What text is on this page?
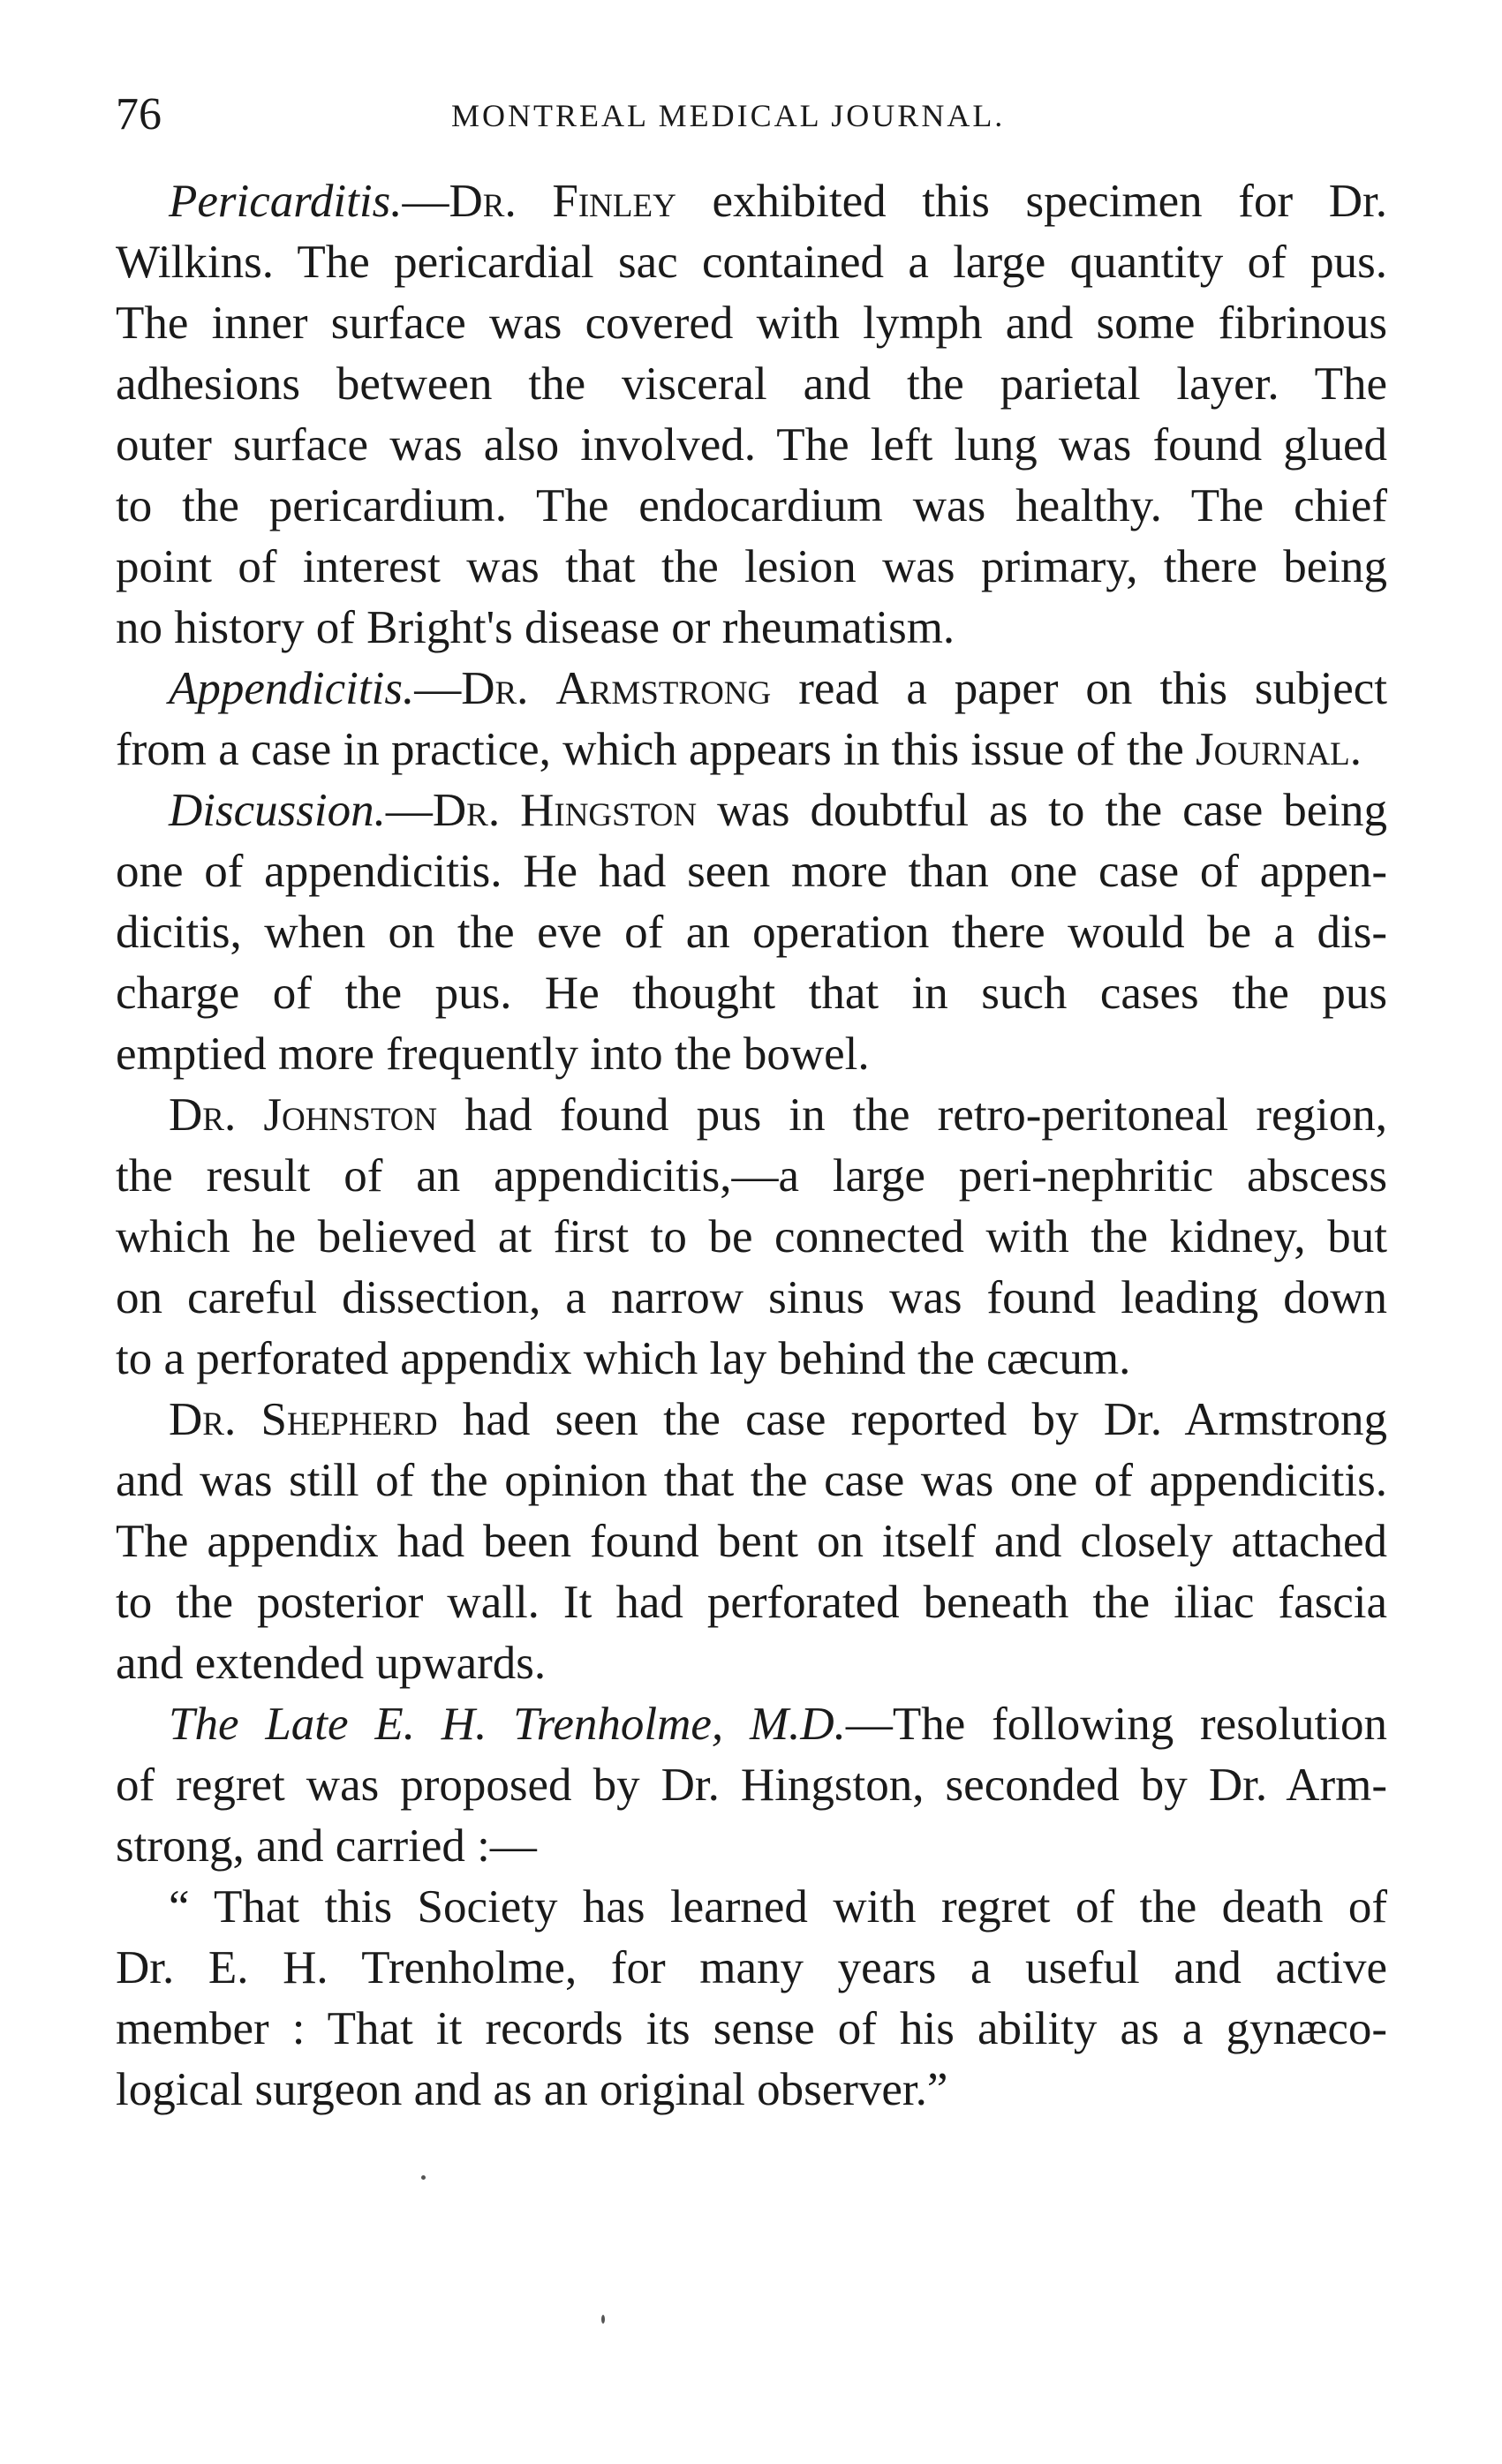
76	MONTREAL MEDICAL JOURNAL.
Pericarditis.—Dr. Finley exhibited this specimen for Dr.
Wilkins. The pericardial sac contained a large quantity of pus.
The inner surface was covered with lymph and some fibrinous
adhesions between the visceral and the parietal layer. The
outer surface was also involved. The left lung was found glued
to the pericardium. The endocardium was healthy. The chief
point of interest was that the lesion was primary, there being
no history of Bright's disease or rheumatism.
Appendicitis.—Dr. Armstrong read a paper on this subject
from a case in practice, which appears in this issue of the Journal.
Discussion.—Dr. Hingston was doubtful as to the case being
one of appendicitis. He had seen more than one case of appen-
dicitis, when on the eve of an operation there would be a dis-
charge of the pus. He thought that in such cases the pus
emptied more frequently into the bowel.
Dr. Johnston had found pus in the retro-peritoneal region,
the result of an appendicitis,—a large peri-nephritic abscess
which he believed at first to be connected with the kidney, but
on careful dissection, a narrow sinus was found leading down
to a perforated appendix which lay behind the cæcum.
Dr. Shepherd had seen the case reported by Dr. Armstrong
and was still of the opinion that the case was one of appendicitis.
The appendix had been found bent on itself and closely attached
to the posterior wall. It had perforated beneath the iliac fascia
and extended upwards.
The Late E. H. Trenholme, M.D.—The following resolution
of regret was proposed by Dr. Hingston, seconded by Dr. Arm-
strong, and carried :—
“ That this Society has learned with regret of the death of
Dr. E. H. Trenholme, for many years a useful and active
member : That it records its sense of his ability as a gynæco-
logical surgeon and as an original observer.”
